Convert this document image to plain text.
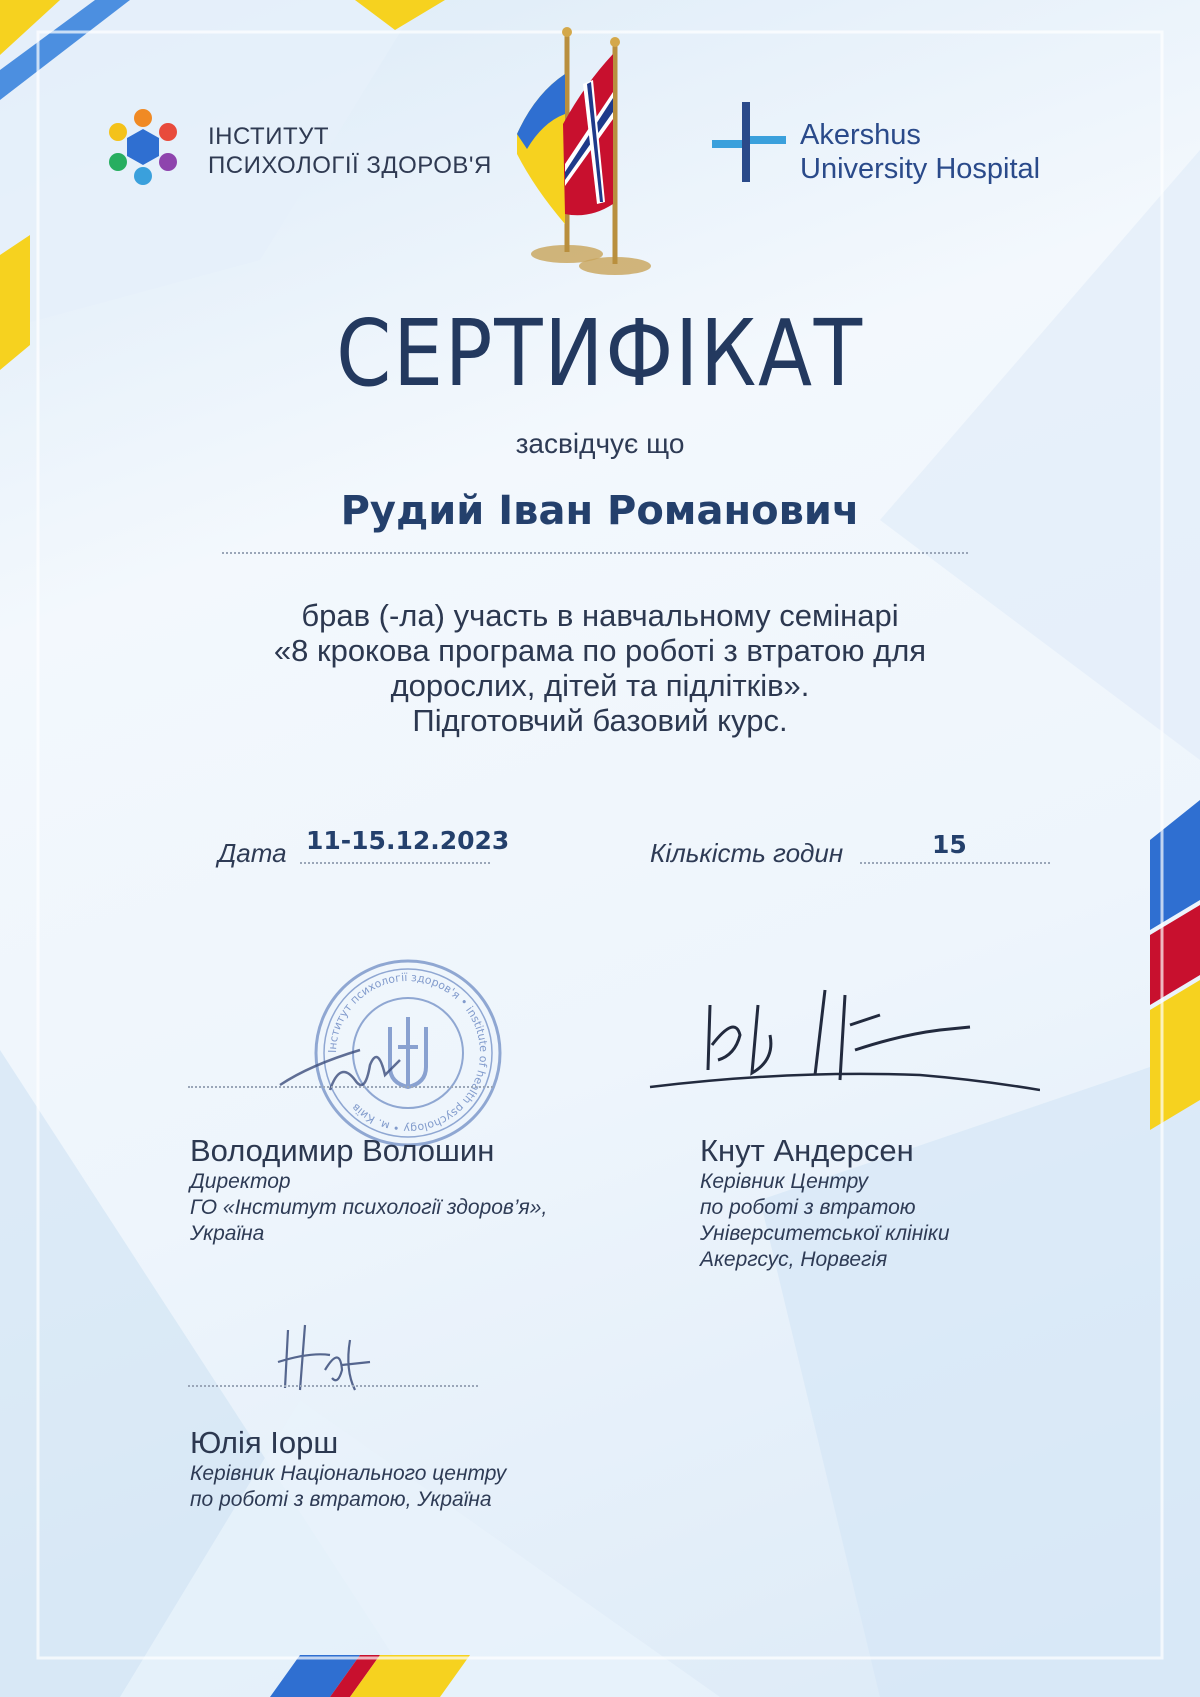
ІНСТИТУТ
ПСИХОЛОГІЇ ЗДОРОВ'Я
Akershus
University Hospital
СЕРТИФІКАТ
засвідчує що
Рудий Іван Романович
брав (-ла) участь в навчальному семінарі
«8 крокова програма по роботі з втратою для
дорослих, дітей та підлітків».
Підготовчий базовий курс.
Дата 11-15.12.2023	Кількість годин	15
Інститут психології здоров'я • institute of health psychology • м. Київ
Володимир Волошин
Директор
ГО «Інститут психології здоров’я»,
Україна
Кнут Андерсен
Керівник Центру
по роботі з втратою
Університетської клініки
Акергсус, Норвегія
Юлія Іорш
Керівник Національного центру
по роботі з втратою, Україна
